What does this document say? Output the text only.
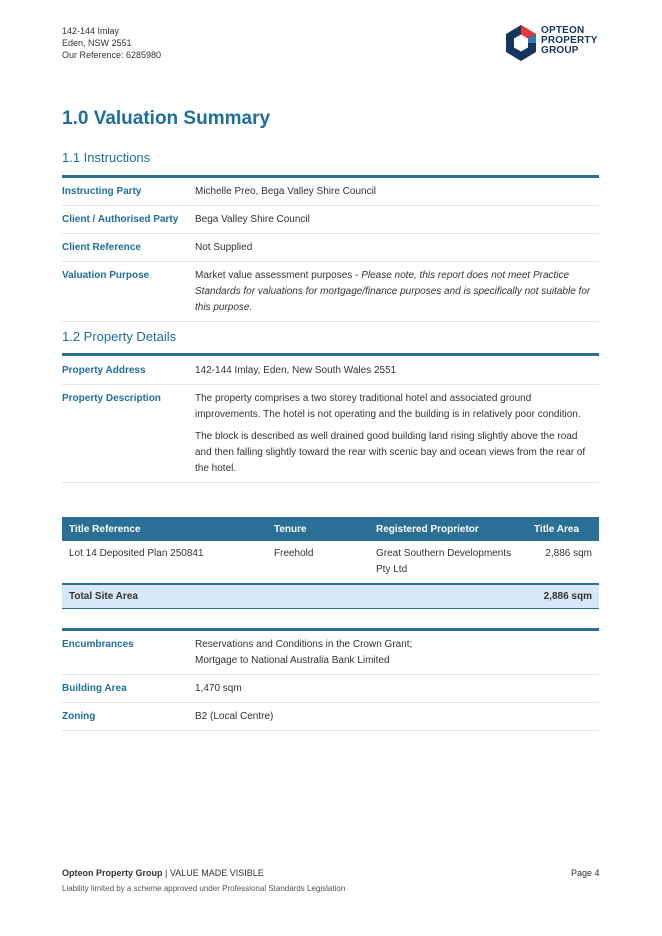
142-144 Imlay
Eden, NSW 2551
Our Reference: 6285980
OPTEON
PROPERTY
GROUP
1.0 Valuation Summary
1.1 Instructions
Instructing Party	Michelle Preo, Bega Valley Shire Council
Client / Authorised Party	Bega Valley Shire Council
Client Reference	Not Supplied
Valuation Purpose	Market value assessment purposes - Please note, this report does not meet Practice Standards for valuations for mortgage/finance purposes and is specifically not suitable for this purpose.
1.2 Property Details
Property Address	142-144 Imlay, Eden, New South Wales 2551
Property Description	The property comprises a two storey traditional hotel and associated ground improvements. The hotel is not operating and the building is in relatively poor condition.

The block is described as well drained good building land rising slightly above the road and then falling slightly toward the rear with scenic bay and ocean views from the rear of the hotel.

Title Reference	Tenure	Registered Proprietor	Title Area
Lot 14 Deposited Plan 250841	Freehold	Great Southern Developments Pty Ltd	2,886 sqm
Total Site Area			2,886 sqm
Encumbrances	Reservations and Conditions in the Crown Grant;
Mortgage to National Australia Bank Limited
Building Area	1,470 sqm
Zoning	B2 (Local Centre)
Opteon Property Group | VALUE MADE VISIBLE	Page 4
Liability limited by a scheme approved under Professional Standards Legislation
